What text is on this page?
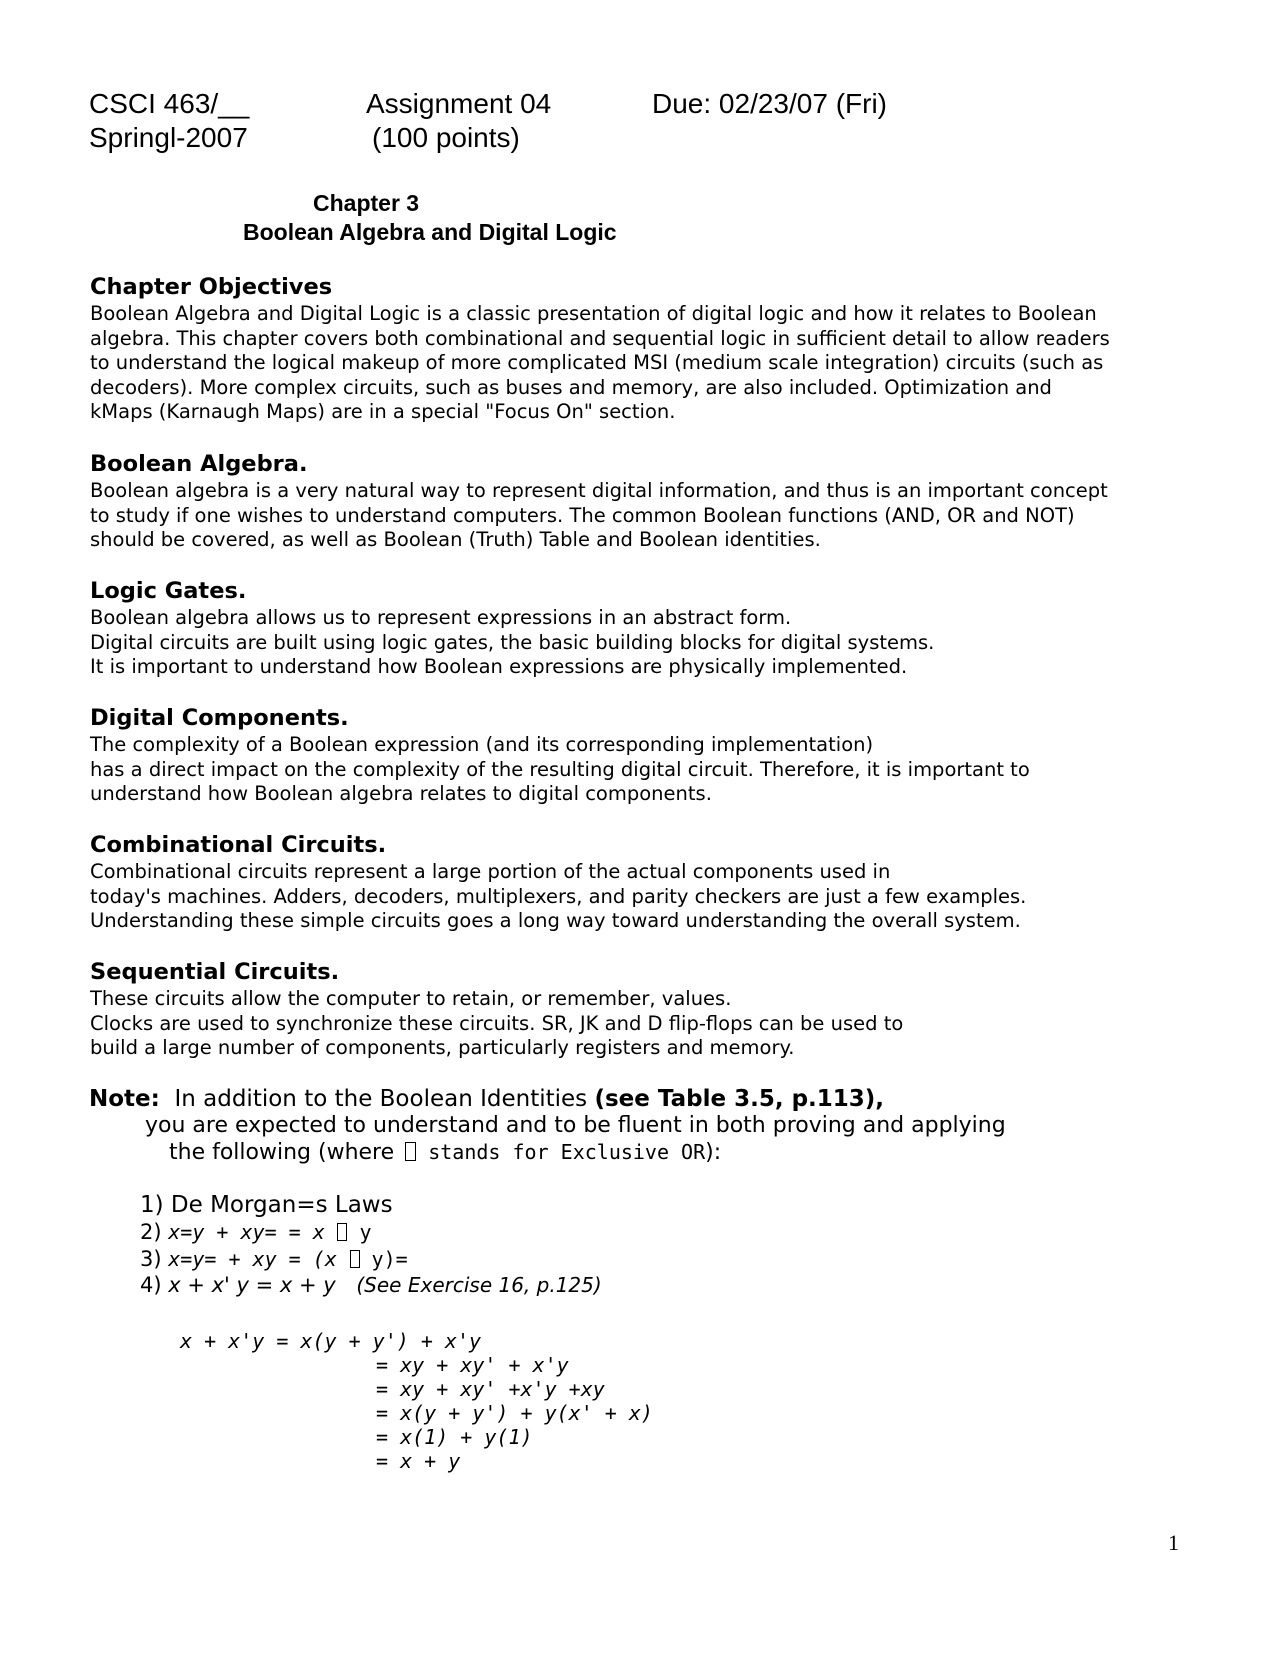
CSCI 463/__
Springl-2007
Assignment 04
(100 points)
Due: 02/23/07 (Fri)
Chapter 3
Boolean Algebra and Digital Logic
Chapter Objectives

Boolean Algebra and Digital Logic is a classic presentation of digital logic and how it relates to Boolean
algebra. This chapter covers both combinational and sequential logic in sufficient detail to allow readers
to understand the logical makeup of more complicated MSI (medium scale integration) circuits (such as
decoders). More complex circuits, such as buses and memory, are also included. Optimization and
kMaps (Karnaugh Maps) are in a special "Focus On" section.

Boolean Algebra.

Boolean algebra is a very natural way to represent digital information, and thus is an important concept
to study if one wishes to understand computers. The common Boolean functions (AND, OR and NOT)
should be covered, as well as Boolean (Truth) Table and Boolean identities.

Logic Gates.

Boolean algebra allows us to represent expressions in an abstract form.
Digital circuits are built using logic gates, the basic building blocks for digital systems.
It is important to understand how Boolean expressions are physically implemented.

Digital Components.

The complexity of a Boolean expression (and its corresponding implementation)
has a direct impact on the complexity of the resulting digital circuit. Therefore, it is important to
understand how Boolean algebra relates to digital components.

Combinational Circuits.

Combinational circuits represent a large portion of the actual components used in
today's machines. Adders, decoders, multiplexers, and parity checkers are just a few examples.
Understanding these simple circuits goes a long way toward understanding the overall system.

Sequential Circuits.

These circuits allow the computer to retain, or remember, values.
Clocks are used to synchronize these circuits. SR, JK and D flip-flops can be used to
build a large number of components, particularly registers and memory.

Note: In addition to the Boolean Identities (see Table 3.5, p.113),
you are expected to understand and to be fluent in both proving and applying
the following (where  stands for Exclusive OR):
1) De Morgan=s Laws
2) x=y + xy= = x  y
3) x=y= + xy = (x  y)=
4) x + x' y = x + y (See Exercise 16, p.125)
x + x'y = x(y + y') + x'y
= xy + xy' + x'y
= xy + xy' +x'y +xy
= x(y + y') + y(x' + x)
= x(1) + y(1)
= x + y
1
